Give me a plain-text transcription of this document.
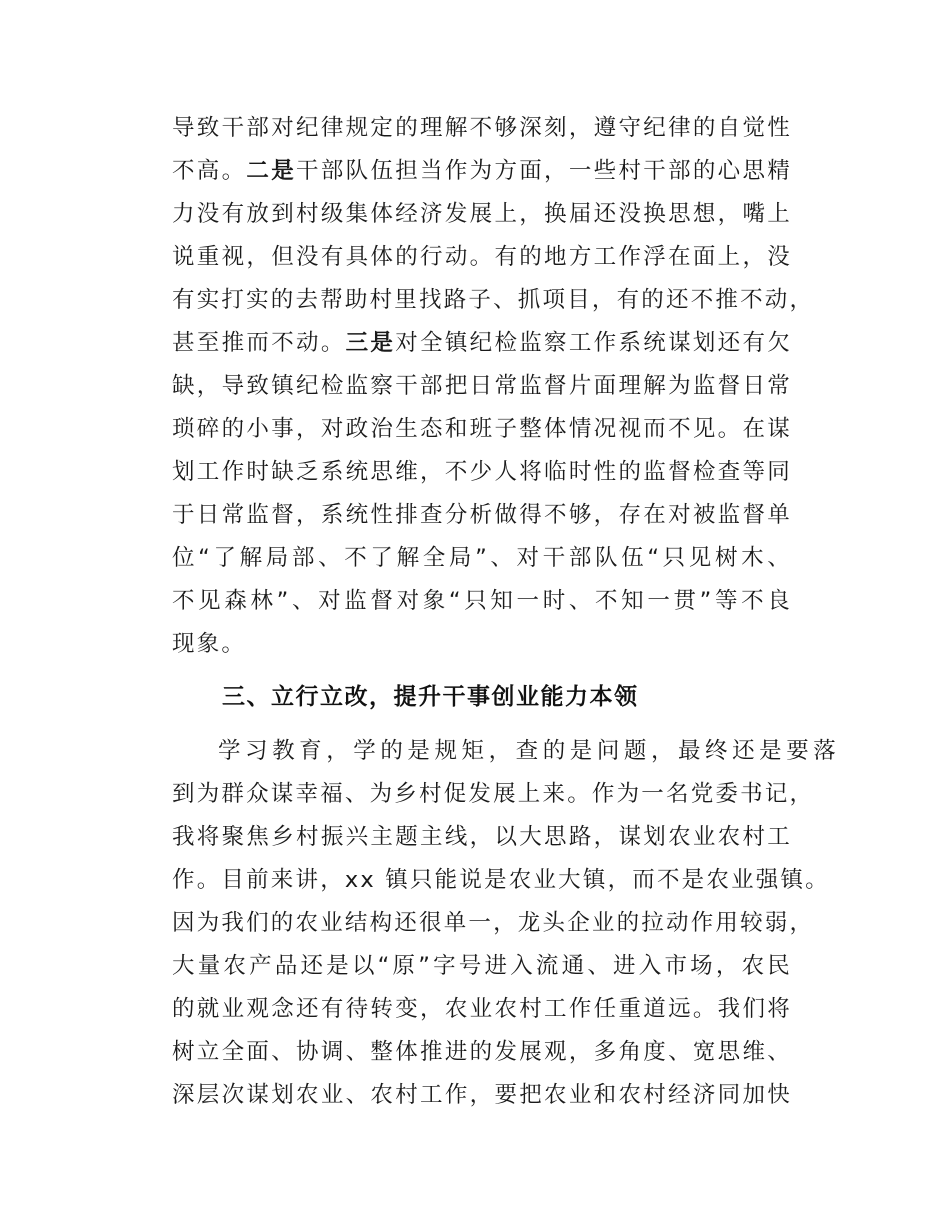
导致干部对纪律规定的理解不够深刻，遵守纪律的自觉性
不高。二是干部队伍担当作为方面，一些村干部的心思精
力没有放到村级集体经济发展上，换届还没换思想，嘴上
说重视，但没有具体的行动。有的地方工作浮在面上，没
有实打实的去帮助村里找路子、抓项目，有的还不推不动，
甚至推而不动。三是对全镇纪检监察工作系统谋划还有欠
缺，导致镇纪检监察干部把日常监督片面理解为监督日常
琐碎的小事，对政治生态和班子整体情况视而不见。在谋
划工作时缺乏系统思维，不少人将临时性的监督检查等同
于日常监督，系统性排查分析做得不够，存在对被监督单
位“了解局部、不了解全局”、对干部队伍“只见树木、
不见森林”、对监督对象“只知一时、不知一贯”等不良
现象。
三、立行立改，提升干事创业能力本领
学习教育，学的是规矩，查的是问题，最终还是要落
到为群众谋幸福、为乡村促发展上来。作为一名党委书记，
我将聚焦乡村振兴主题主线，以大思路，谋划农业农村工
作。目前来讲，xx 镇只能说是农业大镇，而不是农业强镇。
因为我们的农业结构还很单一，龙头企业的拉动作用较弱，
大量农产品还是以“原”字号进入流通、进入市场，农民
的就业观念还有待转变，农业农村工作任重道远。我们将
树立全面、协调、整体推进的发展观，多角度、宽思维、
深层次谋划农业、农村工作，要把农业和农村经济同加快
